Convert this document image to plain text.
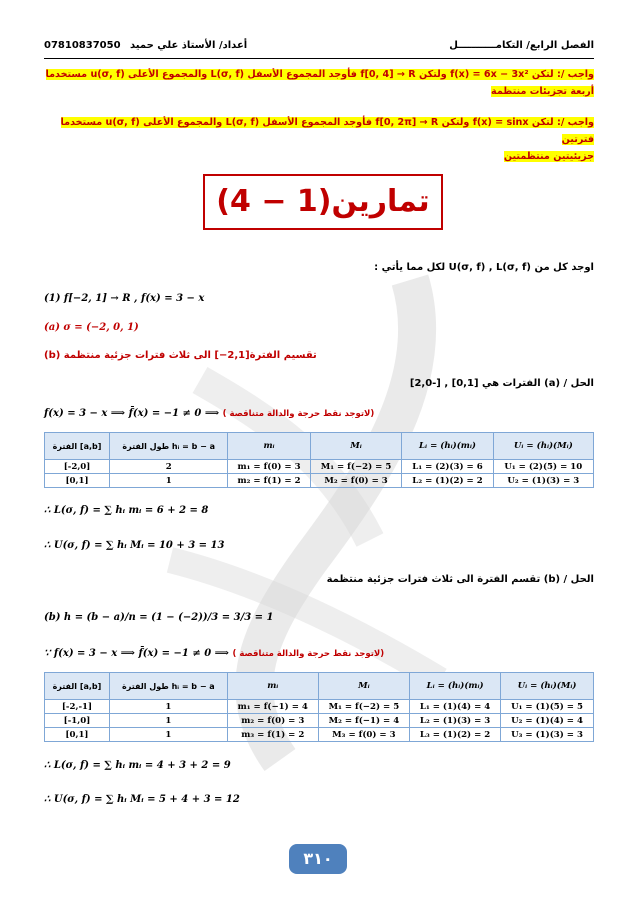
الفصل الرابع/ التكامـــــــــــل
07810837050 أعداد/ الأستاذ علي حميد
واجب /: لتكن f(x) = 6x − 3x² ولتكن f[0, 4] → R فأوجد المجموع الأسفل L(σ, f) والمجموع الأعلى u(σ, f) مستخدما
أربعة تجزيئات منتظمة
واجب /: لتكن f(x) = sinx ولتكن f[0, 2π] → R فأوجد المجموع الأسفل L(σ, f) والمجموع الأعلى u(σ, f) مستخدما فترتين
جزيئيتين منتظمتين
تمارين(1 − 4)
اوجد كل من U(σ, f) , L(σ, f) لكل مما يأتي :
(1) f[−2, 1] → R , f(x) = 3 − x
(a) σ = (−2, 0, 1)
(b) تقسيم الفترة[2,1−] الى ثلاث فترات جزئية منتظمة
الحل / (a) الفترات هي [0,1] , [-2,0]
f(x) = 3 − x ⟹ f̄(x) = −1 ≠ 0 ⟹ ( لاتوجد نقط حرجة والدالة متناقصة)
الفترة [a,b]	طول الفترة hᵢ = b − a	mᵢ	Mᵢ	Lᵢ = (hᵢ)(mᵢ)	Uᵢ = (hᵢ)(Mᵢ)
[-2,0]	2	m₁ = f(0) = 3	M₁ = f(−2) = 5	L₁ = (2)(3) = 6	U₁ = (2)(5) = 10
[0,1]	1	m₂ = f(1) = 2	M₂ = f(0) = 3	L₂ = (1)(2) = 2	U₂ = (1)(3) = 3
∴ L(σ, f) = ∑ hᵢ mᵢ = 6 + 2 = 8
∴ U(σ, f) = ∑ hᵢ Mᵢ = 10 + 3 = 13
الحل / (b) تقسم الفترة الى ثلاث فترات جزئية منتظمة
(b) h = (b − a)/n = (1 − (−2))/3 = 3/3 = 1
∵ f(x) = 3 − x ⟹ f̄(x) = −1 ≠ 0 ⟹ ( لاتوجد نقط حرجة والدالة متناقصة)
الفترة [a,b]	طول الفترة hᵢ = b − a	mᵢ	Mᵢ	Lᵢ = (hᵢ)(mᵢ)	Uᵢ = (hᵢ)(Mᵢ)
[-2,-1]	1	m₁ = f(−1) = 4	M₁ = f(−2) = 5	L₁ = (1)(4) = 4	U₁ = (1)(5) = 5
[-1,0]	1	m₂ = f(0) = 3	M₂ = f(−1) = 4	L₂ = (1)(3) = 3	U₂ = (1)(4) = 4
[0,1]	1	m₃ = f(1) = 2	M₃ = f(0) = 3	L₃ = (1)(2) = 2	U₃ = (1)(3) = 3
∴ L(σ, f) = ∑ hᵢ mᵢ = 4 + 3 + 2 = 9
∴ U(σ, f) = ∑ hᵢ Mᵢ = 5 + 4 + 3 = 12
٣١٠
